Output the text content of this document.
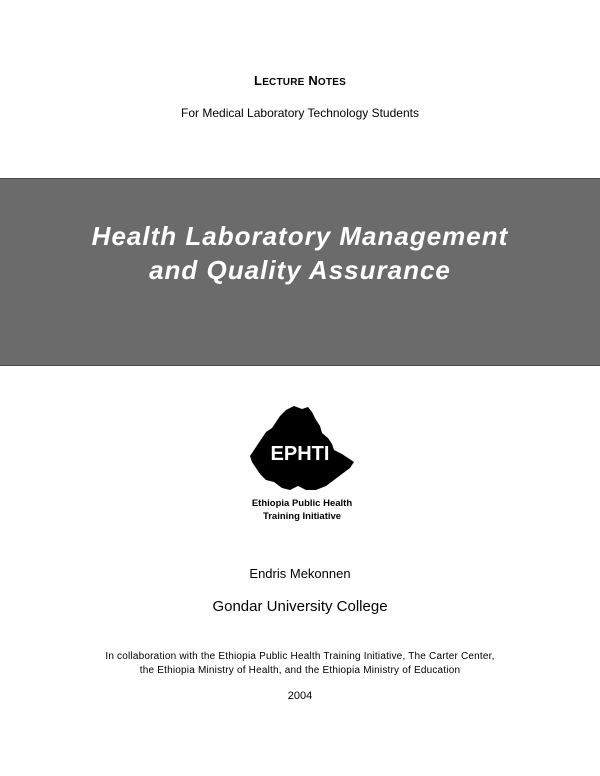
LECTURE NOTES
For Medical Laboratory Technology Students
Health Laboratory Management
and Quality Assurance
EPHTI
Ethiopia Public Health
Training Initiative
Endris Mekonnen
Gondar University College
In collaboration with the Ethiopia Public Health Training Initiative, The Carter Center,
the Ethiopia Ministry of Health, and the Ethiopia Ministry of Education
2004
